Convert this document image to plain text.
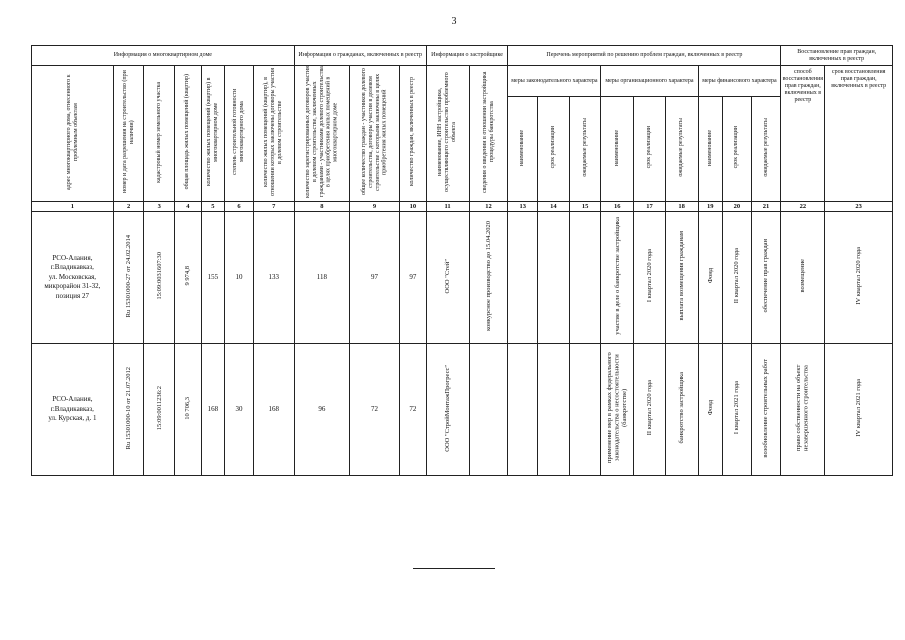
3
Информация о многоквартирном доме							Информация о гражданах, включенных в реестр			Информация о застройщике		Перечень мероприятий по решению проблем граждан, включенных в реестр									Восстановление прав граждан, включенных в реестр	
адрес многоквартирного дома, отнесенного к проблемным объектам	номер и дата разрешения на строительство (при наличии)	кадастровый номер земельного участка	общая площадь жилых помещений (квартир)	количество жилых помещений (квартир) в многоквартирном доме	степень строительной готовности многоквартирного дома	количество жилых помещений (квартир), в отношении которых заключены договоры участия в долевом строительстве	количество зарегистрированных договоров участия в долевом строительстве, заключенных гражданами - участниками долевого строительства в целях приобретения жилых помещений в многоквартирном доме	общее количество граждан - участников долевого строительства, договоры участия в долевом строительстве с которыми заключены в целях приобретения жилых помещений	количество граждан, включенных в реестр	наименование, ИНН застройщика, осуществляющего строительство проблемного объекта	сведения о введении в отношении застройщика процедуры банкротства	меры законодательного характера			меры организационного характера			меры финансового характера			способ восстановления прав граждан, включенных в реестр	срок восстановления прав граждан, включенных в реестр
												наименование	срок реализации	ожидаемые результаты	наименование	срок реализации	ожидаемые результаты	наименование	срок реализации	ожидаемые результаты		
1	2	3	4	5	6	7	8	9	10	11	12	13	14	15	16	17	18	19	20	21	22	23

РСО-Алания,
г.Владикавказ,
ул. Московская,
микрорайон 31-32,
позиция 27	Ru 15301000-27 от 24.02.2014	15:09:0031607:30	9 974,8	155	10	133	118	97	97	ООО "Стей"	конкурсное производство до 15.04.2020				участие в деле о банкротстве застройщика	I квартал 2020 года	выплата возмещения гражданам	Фонд	II квартал 2020 года	обеспечение прав граждан	возмещение	IV квартал 2020 года

РСО-Алания,
г.Владикавказ,
ул. Курская, д. 1	Ru 15301000-10 от 21.07.2012	15:09:0011236:2	10 706,3	168	30	168	96	72	72	ООО "СтройМонтажПрогресс"					применение мер в рамках федерального законодательства о несостоятельности (банкротстве)	II квартал 2020 года	банкротство застройщика	Фонд	I квартал 2021 года	возобновление строительных работ	право собственности на объект незавершенного строительства	IV квартал 2021 года
